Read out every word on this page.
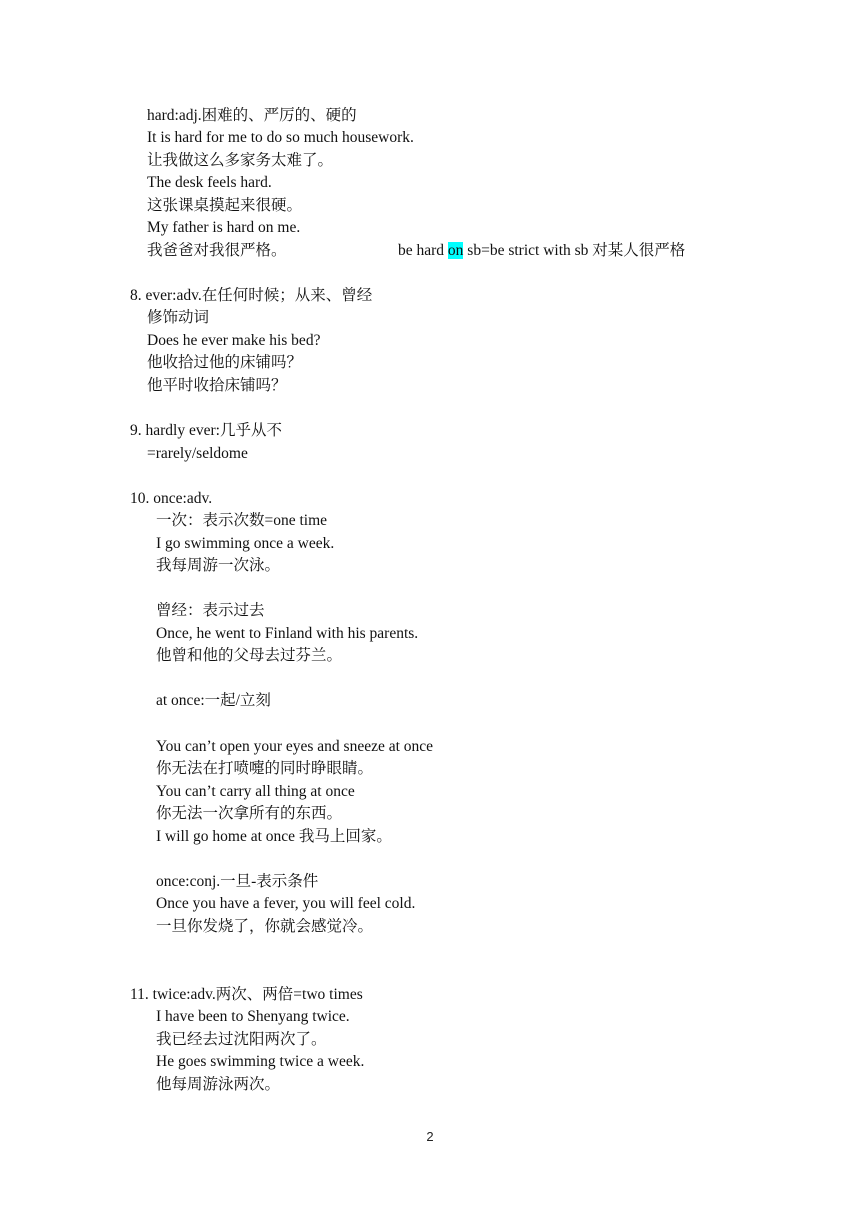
hard:adj.困难的、严厉的、硬的
It is hard for me to do so much housework.
让我做这么多家务太难了。
The desk feels hard.
这张课桌摸起来很硬。
My father is hard on me.
我爸爸对我很严格。	be hard on sb=be strict with sb 对某人很严格
8. ever:adv.在任何时候；从来、曾经
修饰动词
Does he ever make his bed?
他收拾过他的床铺吗？
他平时收拾床铺吗？
9. hardly ever:几乎从不
=rarely/seldome
10. once:adv.
一次：表示次数=one time
I go swimming once a week.
我每周游一次泳。
曾经：表示过去
Once, he went to Finland with his parents.
他曾和他的父母去过芬兰。
at once:一起/立刻
You can’t open your eyes and sneeze at once
你无法在打喷嚏的同时睁眼睛。
You can’t carry all thing at once
你无法一次拿所有的东西。
I will go home at once 我马上回家。
once:conj.一旦-表示条件
Once you have a fever, you will feel cold.
一旦你发烧了，你就会感觉冷。
11. twice:adv.两次、两倍=two times
I have been to Shenyang twice.
我已经去过沈阳两次了。
He goes swimming twice a week.
他每周游泳两次。
2
